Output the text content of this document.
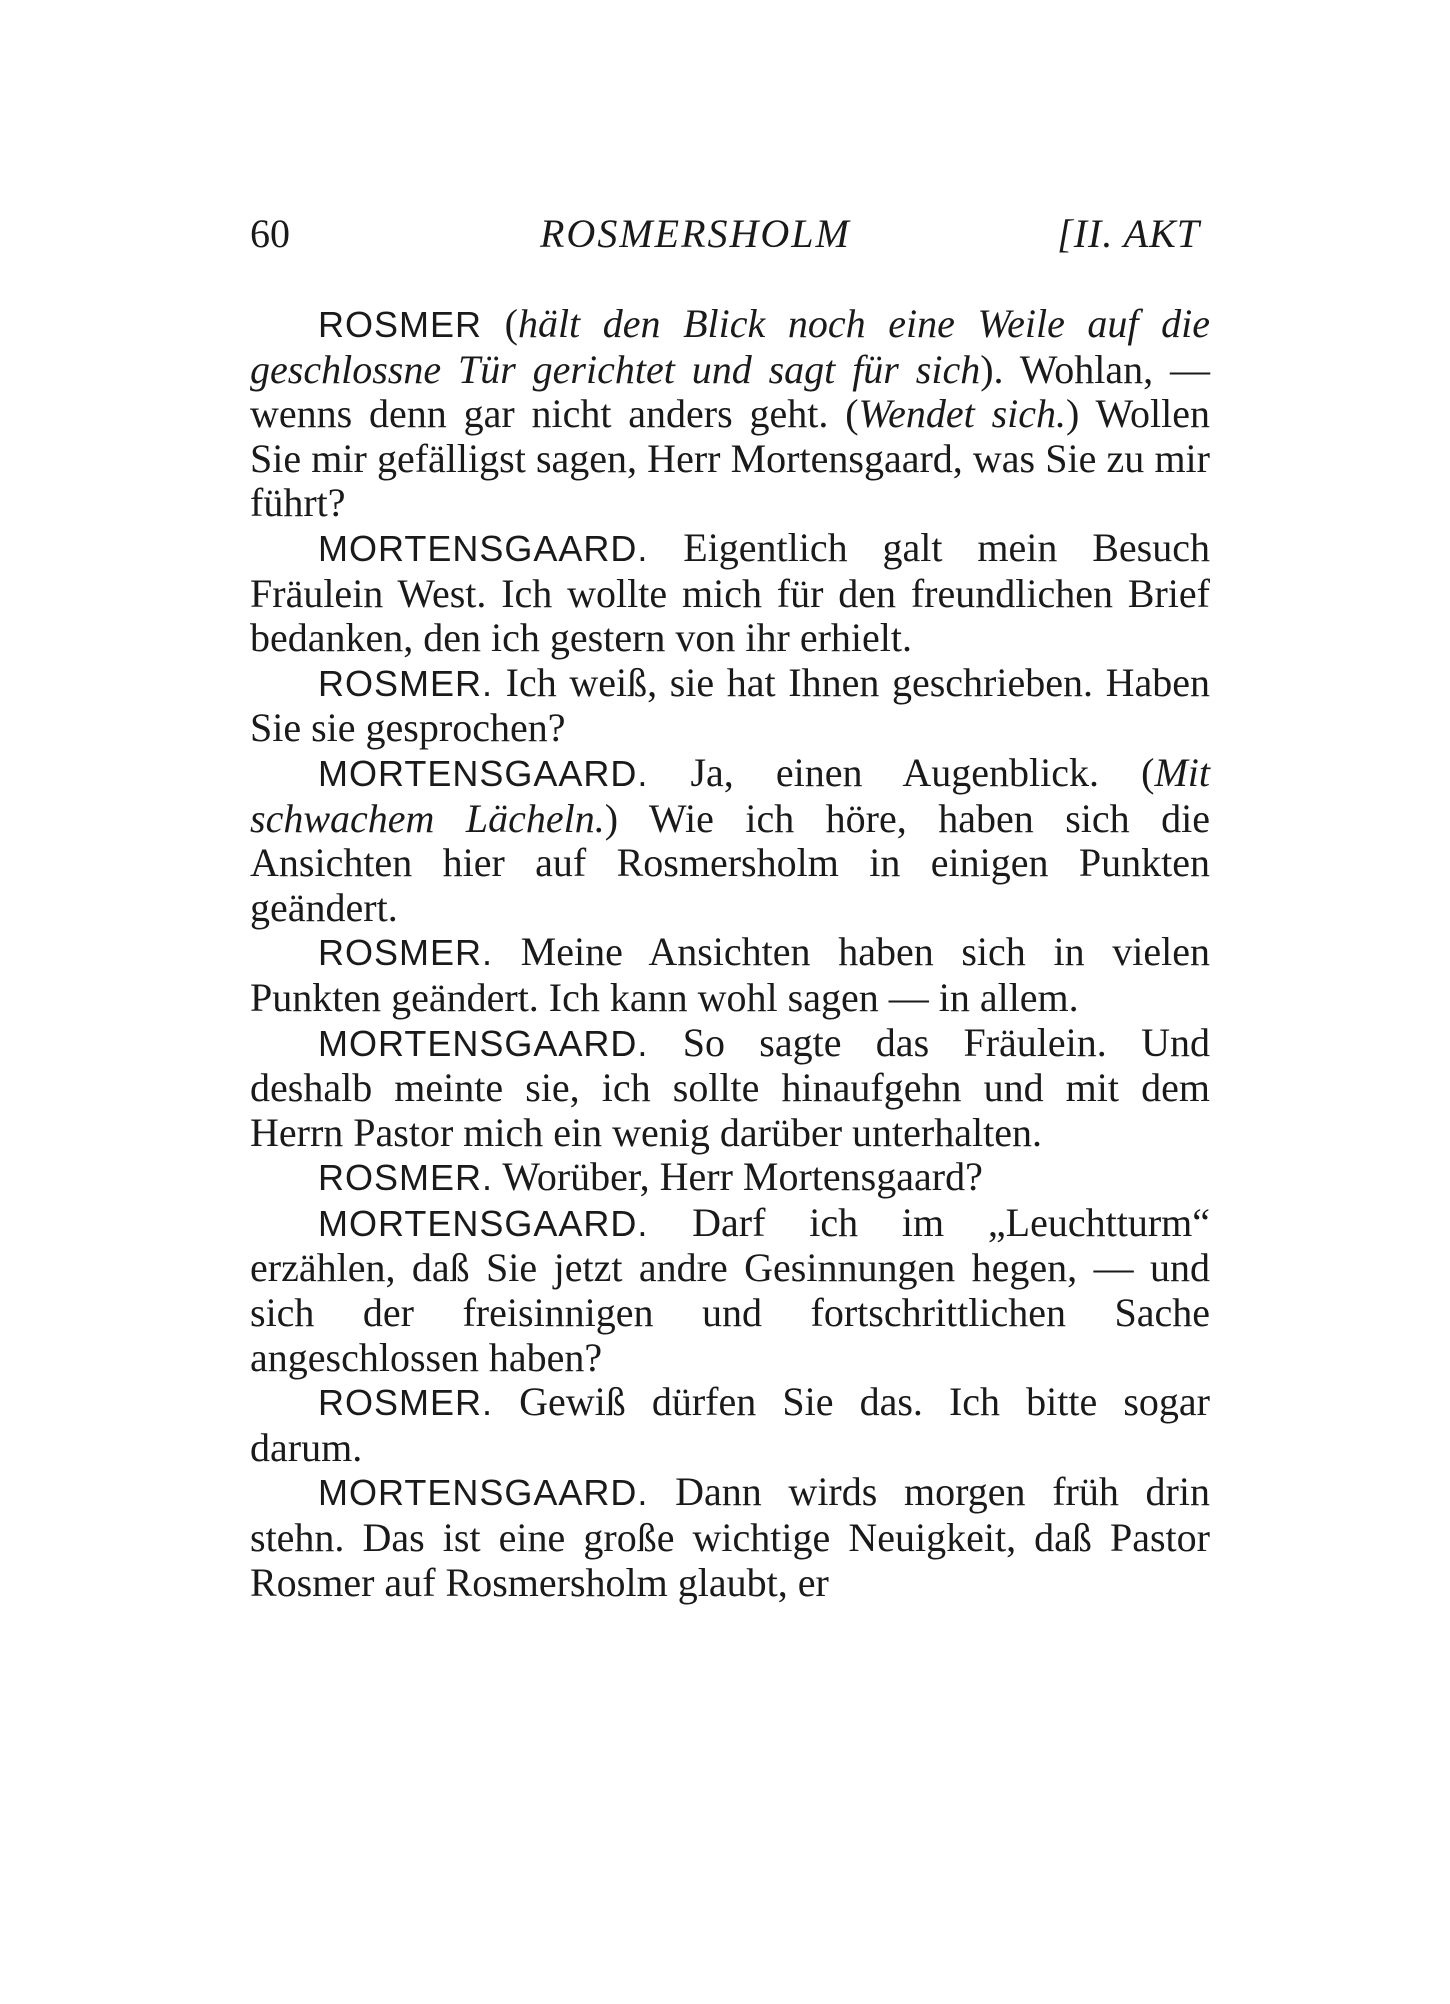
60	ROSMERSHOLM	[II. AKT

ROSMER (hält den Blick noch eine Weile auf die geschlossne Tür gerichtet und sagt für sich). Wohlan, — wenns denn gar nicht anders geht. (Wendet sich.) Wollen Sie mir gefälligst sagen, Herr Mortensgaard, was Sie zu mir führt?

MORTENSGAARD. Eigentlich galt mein Besuch Fräulein West. Ich wollte mich für den freundlichen Brief bedanken, den ich gestern von ihr erhielt.

ROSMER. Ich weiß, sie hat Ihnen geschrieben. Haben Sie sie gesprochen?

MORTENSGAARD. Ja, einen Augenblick. (Mit schwachem Lächeln.) Wie ich höre, haben sich die Ansichten hier auf Rosmersholm in einigen Punkten geändert.

ROSMER. Meine Ansichten haben sich in vielen Punkten geändert. Ich kann wohl sagen — in allem.

MORTENSGAARD. So sagte das Fräulein. Und deshalb meinte sie, ich sollte hinaufgehn und mit dem Herrn Pastor mich ein wenig darüber unterhalten.

ROSMER. Worüber, Herr Mortensgaard?

MORTENSGAARD. Darf ich im „Leuchtturm“ erzählen, daß Sie jetzt andre Gesinnungen hegen, — und sich der freisinnigen und fortschrittlichen Sache angeschlossen haben?

ROSMER. Gewiß dürfen Sie das. Ich bitte sogar darum.

MORTENSGAARD. Dann wirds morgen früh drin stehn. Das ist eine große wichtige Neuigkeit, daß Pastor Rosmer auf Rosmersholm glaubt, er
